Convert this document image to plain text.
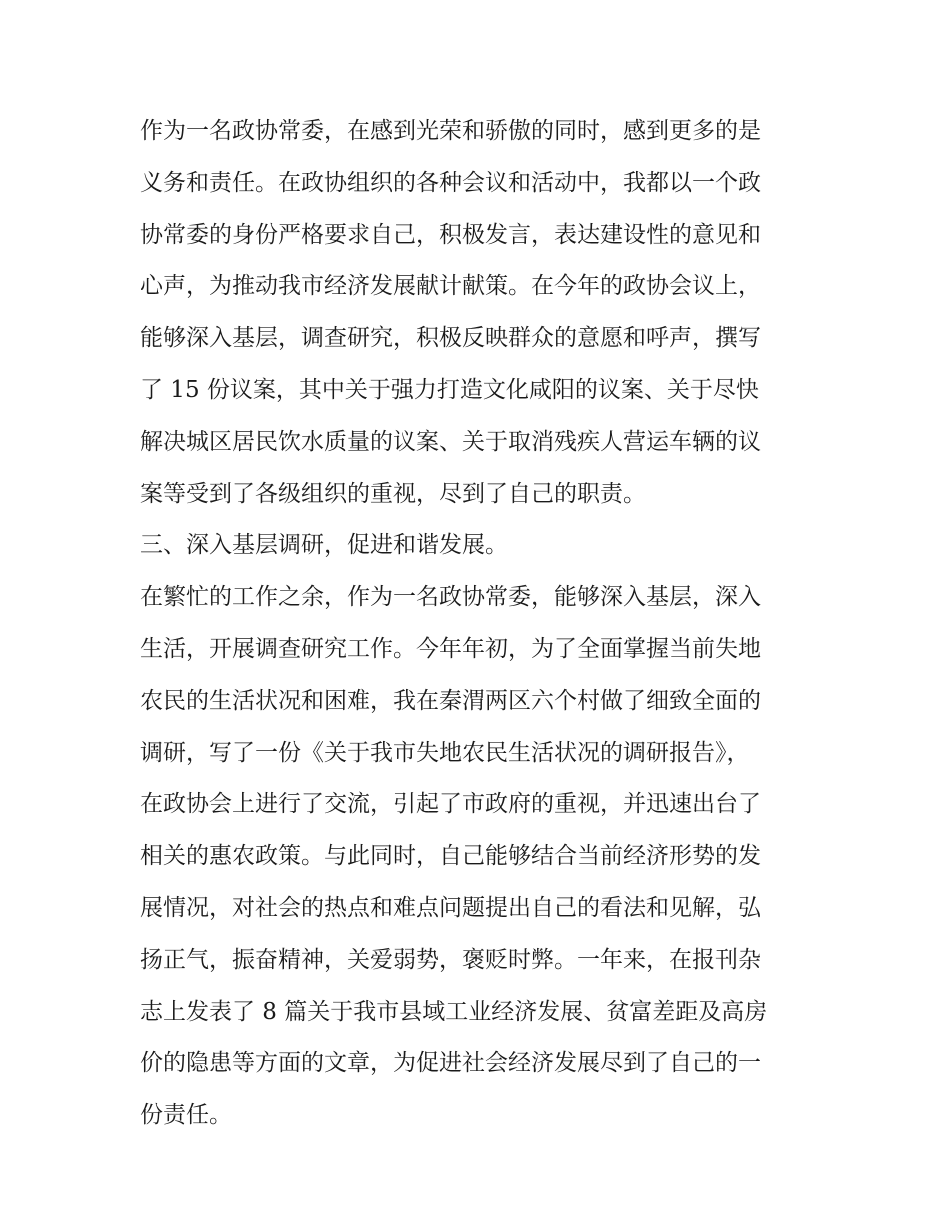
作为一名政协常委，在感到光荣和骄傲的同时，感到更多的是
义务和责任。在政协组织的各种会议和活动中，我都以一个政
协常委的身份严格要求自己，积极发言，表达建设性的意见和
心声，为推动我市经济发展献计献策。在今年的政协会议上，
能够深入基层，调查研究，积极反映群众的意愿和呼声，撰写
了 15 份议案，其中关于强力打造文化咸阳的议案、关于尽快
解决城区居民饮水质量的议案、关于取消残疾人营运车辆的议
案等受到了各级组织的重视，尽到了自己的职责。
三、深入基层调研，促进和谐发展。
在繁忙的工作之余，作为一名政协常委，能够深入基层，深入
生活，开展调查研究工作。今年年初，为了全面掌握当前失地
农民的生活状况和困难，我在秦渭两区六个村做了细致全面的
调研，写了一份《关于我市失地农民生活状况的调研报告》，
在政协会上进行了交流，引起了市政府的重视，并迅速出台了
相关的惠农政策。与此同时，自己能够结合当前经济形势的发
展情况，对社会的热点和难点问题提出自己的看法和见解，弘
扬正气，振奋精神，关爱弱势，褒贬时弊。一年来，在报刊杂
志上发表了 8 篇关于我市县域工业经济发展、贫富差距及高房
价的隐患等方面的文章，为促进社会经济发展尽到了自己的一
份责任。
